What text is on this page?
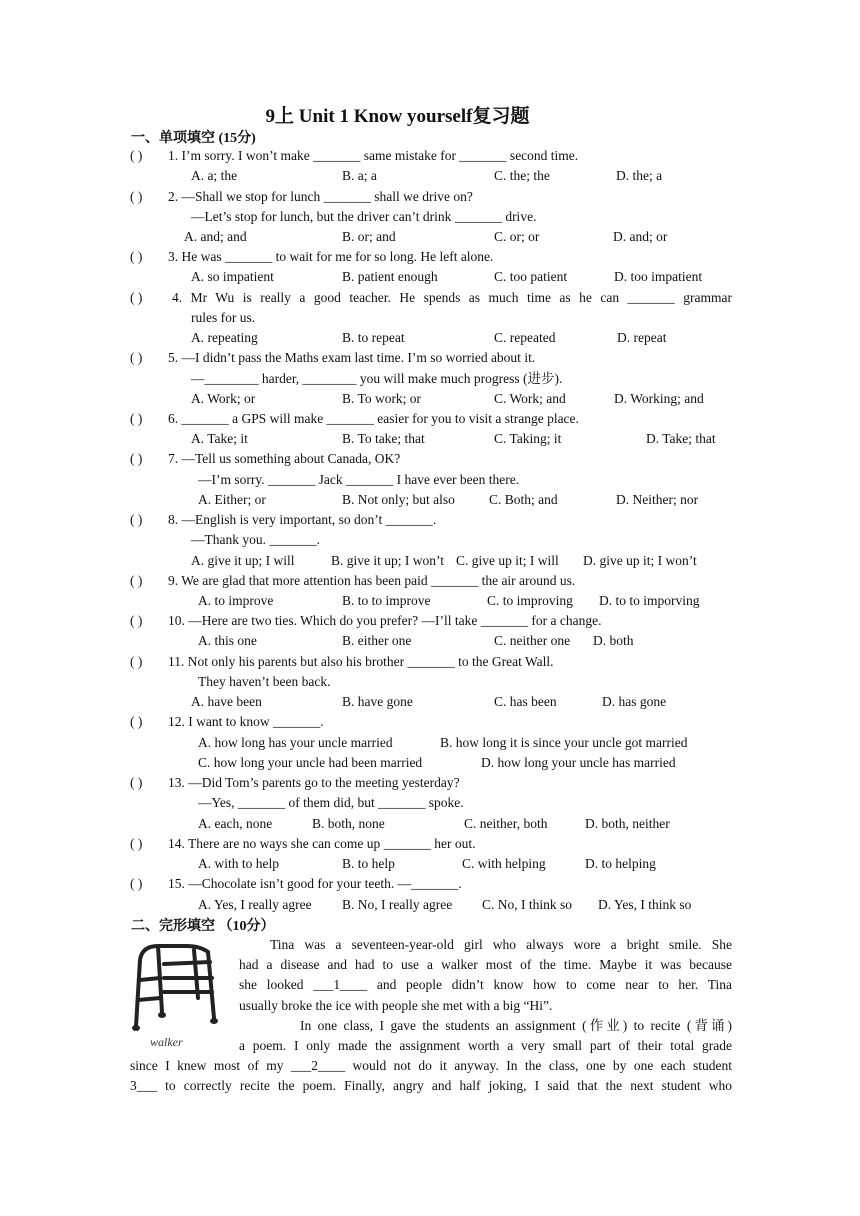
9上 Unit 1 Know yourself复习题
一、单项填空 (15分)
( ) 1. I’m sorry. I won’t make _______ same mistake for _______ second time.
A. a; the	B. a; a	C. the; the	D. the; a
( ) 2. —Shall we stop for lunch _______ shall we drive on?
—Let’s stop for lunch, but the driver can’t drink _______ drive.
A. and; and	B. or; and	C. or; or	D. and; or
( ) 3. He was _______ to wait for me for so long. He left alone.
A. so impatient	B. patient enough	C. too patient	D. too impatient
( ) 4. Mr Wu is really a good teacher. He spends as much time as he can _______ grammar
rules for us.
A. repeating	B. to repeat	C. repeated	D. repeat
( ) 5. —I didn’t pass the Maths exam last time. I’m so worried about it.
—________ harder, ________ you will make much progress (进步).
A. Work; or	B. To work; or	C. Work; and	D. Working; and
( ) 6. _______ a GPS will make _______ easier for you to visit a strange place.
A. Take; it	B. To take; that	C. Taking; it	D. Take; that
( ) 7. —Tell us something about Canada, OK?
—I’m sorry. _______ Jack _______ I have ever been there.
A. Either; or	B. Not only; but also	C. Both; and	D. Neither; nor
( ) 8. —English is very important, so don’t _______.
—Thank you. _______.
A. give it up; I will	B. give it up; I won’t C. give up it; I will D. give up it; I won’t
( ) 9. We are glad that more attention has been paid _______ the air around us.
A. to improve	B. to to improve	C. to improving D. to to imporving
( ) 10. —Here are two ties. Which do you prefer? —I’ll take _______ for a change.
A. this one	B. either one	C. neither one D. both
( ) 11. Not only his parents but also his brother _______ to the Great Wall.
They haven’t been back.
A. have been	B. have gone	C. has been	D. has gone
( ) 12. I want to know _______.
A. how long has your uncle married	B. how long it is since your uncle got married
C. how long your uncle had been married	D. how long your uncle has married
( ) 13. —Did Tom’s parents go to the meeting yesterday?
—Yes, _______ of them did, but _______ spoke.
A. each, none	B. both, none	C. neither, both	D. both, neither
( ) 14. There are no ways she can come up _______ her out.
A. with to help	B. to help	C. with helping	D. to helping
( ) 15. —Chocolate isn’t good for your teeth. —_______.
A. Yes, I really agree B. No, I really agree C. No, I think so D. Yes, I think so
二、完形填空 （10分）
walker
Tina was a seventeen-year-old girl who always wore a bright smile. She
had a disease and had to use a walker most of the time. Maybe it was because
she looked ___1____ and people didn’t know how to come near to her. Tina
usually broke the ice with people she met with a big “Hi”.
In one class, I gave the students an assignment (作业) to recite (背诵)
a poem. I only made the assignment worth a very small part of their total grade
since I knew most of my ___2____ would not do it anyway. In the class, one by one each student
3___ to correctly recite the poem. Finally, angry and half joking, I said that the next student who
